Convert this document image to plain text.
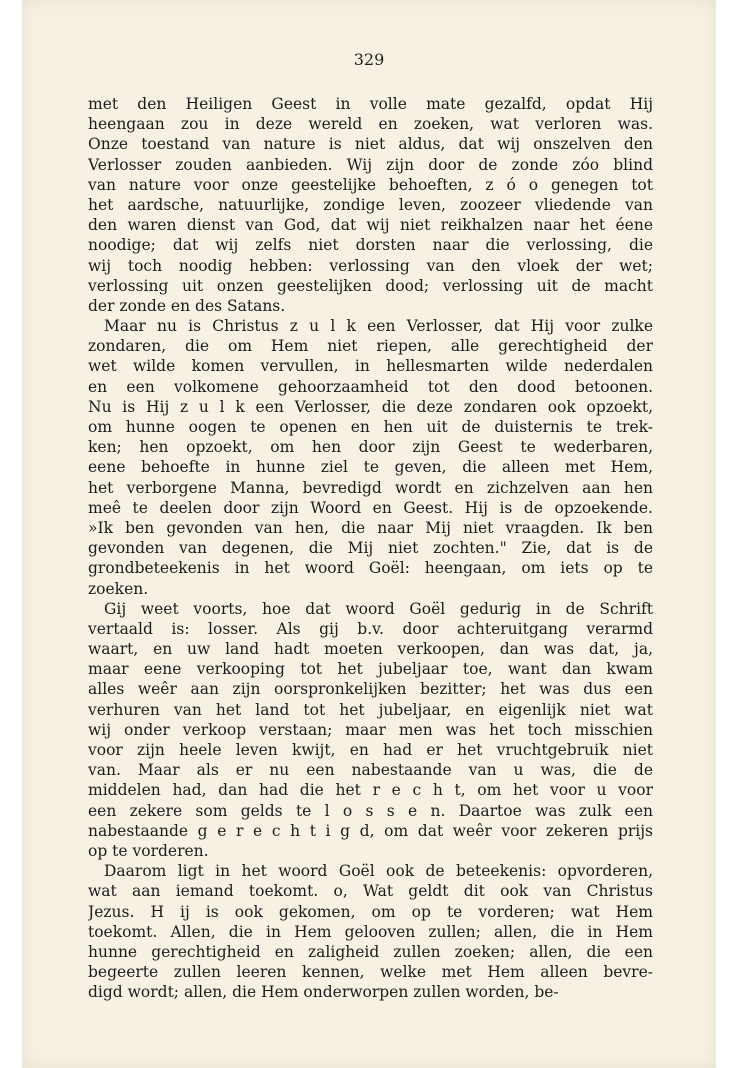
329
met den Heiligen Geest in volle mate gezalfd, opdat Hij
heengaan zou in deze wereld en zoeken, wat verloren was.
Onze toestand van nature is niet aldus, dat wij onszelven den
Verlosser zouden aanbieden. Wij zijn door de zonde zóo blind
van nature voor onze geestelijke behoeften, z ó o genegen tot
het aardsche, natuurlijke, zondige leven, zoozeer vliedende van
den waren dienst van God, dat wij niet reikhalzen naar het éene
noodige; dat wij zelfs niet dorsten naar die verlossing, die
wij toch noodig hebben: verlossing van den vloek der wet;
verlossing uit onzen geestelijken dood; verlossing uit de macht
der zonde en des Satans.
Maar nu is Christus z u l k een Verlosser, dat Hij voor zulke
zondaren, die om Hem niet riepen, alle gerechtigheid der
wet wilde komen vervullen, in hellesmarten wilde nederdalen
en een volkomene gehoorzaamheid tot den dood betoonen.
Nu is Hij z u l k een Verlosser, die deze zondaren ook opzoekt,
om hunne oogen te openen en hen uit de duisternis te trek-
ken; hen opzoekt, om hen door zijn Geest te wederbaren,
eene behoefte in hunne ziel te geven, die alleen met Hem,
het verborgene Manna, bevredigd wordt en zichzelven aan hen
meê te deelen door zijn Woord en Geest. Hij is de opzoekende.
»Ik ben gevonden van hen, die naar Mij niet vraagden. Ik ben
gevonden van degenen, die Mij niet zochten." Zie, dat is de
grondbeteekenis in het woord Goël: heengaan, om iets op te
zoeken.
Gij weet voorts, hoe dat woord Goël gedurig in de Schrift
vertaald is: losser. Als gij b.v. door achteruitgang verarmd
waart, en uw land hadt moeten verkoopen, dan was dat, ja,
maar eene verkooping tot het jubeljaar toe, want dan kwam
alles weêr aan zijn oorspronkelijken bezitter; het was dus een
verhuren van het land tot het jubeljaar, en eigenlijk niet wat
wij onder verkoop verstaan; maar men was het toch misschien
voor zijn heele leven kwijt, en had er het vruchtgebruik niet
van. Maar als er nu een nabestaande van u was, die de
middelen had, dan had die het r e c h t, om het voor u voor
een zekere som gelds te l o s s e n. Daartoe was zulk een
nabestaande g e r e c h t i g d, om dat weêr voor zekeren prijs
op te vorderen.
Daarom ligt in het woord Goël ook de beteekenis: opvorderen,
wat aan iemand toekomt. o, Wat geldt dit ook van Christus
Jezus. H ij is ook gekomen, om op te vorderen; wat Hem
toekomt. Allen, die in Hem gelooven zullen; allen, die in Hem
hunne gerechtigheid en zaligheid zullen zoeken; allen, die een
begeerte zullen leeren kennen, welke met Hem alleen bevre-
digd wordt; allen, die Hem onderworpen zullen worden, be-
